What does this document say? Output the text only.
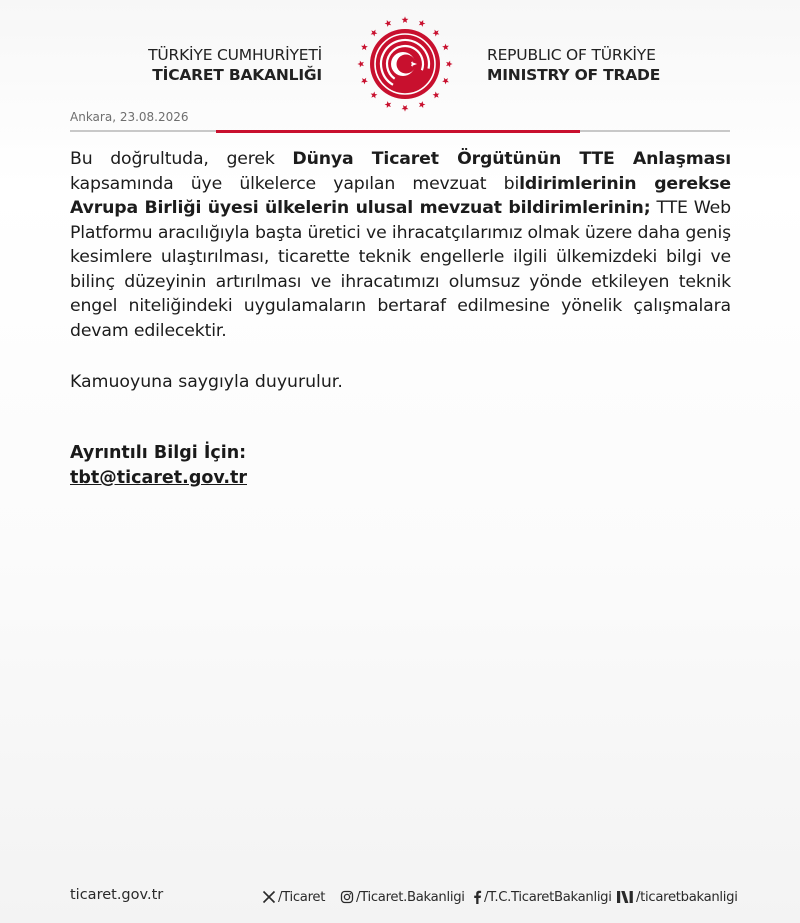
TÜRKİYE CUMHURİYETİ
TİCARET BAKANLIĞI
REPUBLIC OF TÜRKİYE
MINISTRY OF TRADE
Ankara, 23.08.2026
Bu doğrultuda, gerek Dünya Ticaret Örgütünün TTE Anlaşması kapsamında üye ülkelerce yapılan mevzuat bildirimlerinin gerekse Avrupa Birliği üyesi ülkelerin ulusal mevzuat bildirimlerinin; TTE Web Platformu aracılığıyla başta üretici ve ihracatçılarımız olmak üzere daha geniş kesimlere ulaştırılması, ticarette teknik engellerle ilgili ülkemizdeki bilgi ve bilinç düzeyinin artırılması ve ihracatımızı olumsuz yönde etkileyen teknik engel niteliğindeki uygulamaların bertaraf edilmesine yönelik çalışmalara devam edilecektir.
Kamuoyuna saygıyla duyurulur.
Ayrıntılı Bilgi İçin:
tbt@ticaret.gov.tr
ticaret.gov.tr	/Ticaret /Ticaret.Bakanligi /T.C.TicaretBakanligi /ticaretbakanligi
